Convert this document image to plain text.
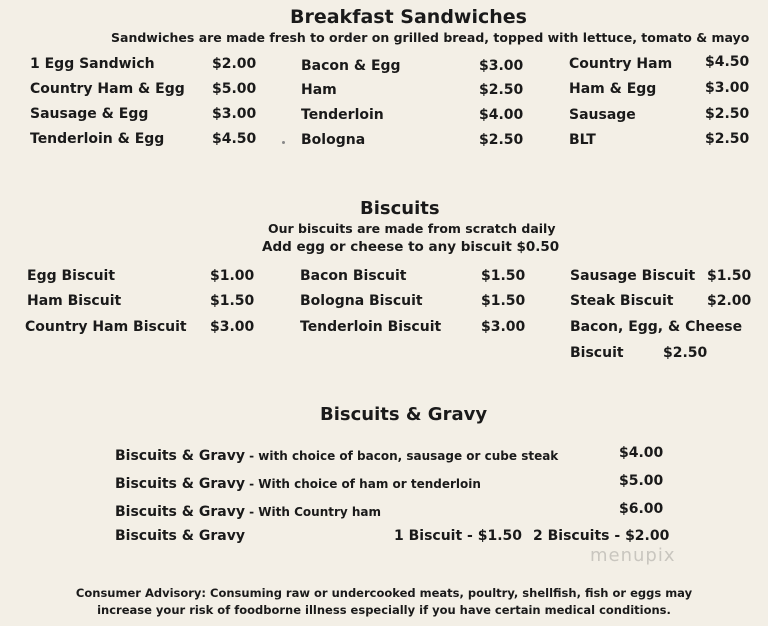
Breakfast Sandwiches
Sandwiches are made fresh to order on grilled bread, topped with lettuce, tomato & mayo
1 Egg Sandwich	$2.00
Country Ham & Egg $5.00
Sausage & Egg	$3.00
Tenderloin & Egg	$4.50
Bacon & Egg	$3.00
Ham	$2.50
Tenderloin	$4.00
Bologna	$2.50
Country Ham $4.50
Ham & Egg	$3.00
Sausage	$2.50
BLT	$2.50
Biscuits
Our biscuits are made from scratch daily
Add egg or cheese to any biscuit $0.50
Egg Biscuit	$1.00
Ham Biscuit	$1.50
Country Ham Biscuit $3.00
Bacon Biscuit	$1.50
Bologna Biscuit	$1.50
Tenderloin Biscuit	$3.00
Sausage Biscuit $1.50
Steak Biscuit $2.00
Bacon, Egg, & Cheese
Biscuit	$2.50
Biscuits & Gravy
Biscuits & Gravy - with choice of bacon, sausage or cube steak	$4.00
Biscuits & Gravy - With choice of ham or tenderloin	$5.00
Biscuits & Gravy - With Country ham	$6.00
Biscuits & Gravy	1 Biscuit - $1.50 2 Biscuits - $2.00
menupix
Consumer Advisory: Consuming raw or undercooked meats, poultry, shellfish, fish or eggs may
increase your risk of foodborne illness especially if you have certain medical conditions.
